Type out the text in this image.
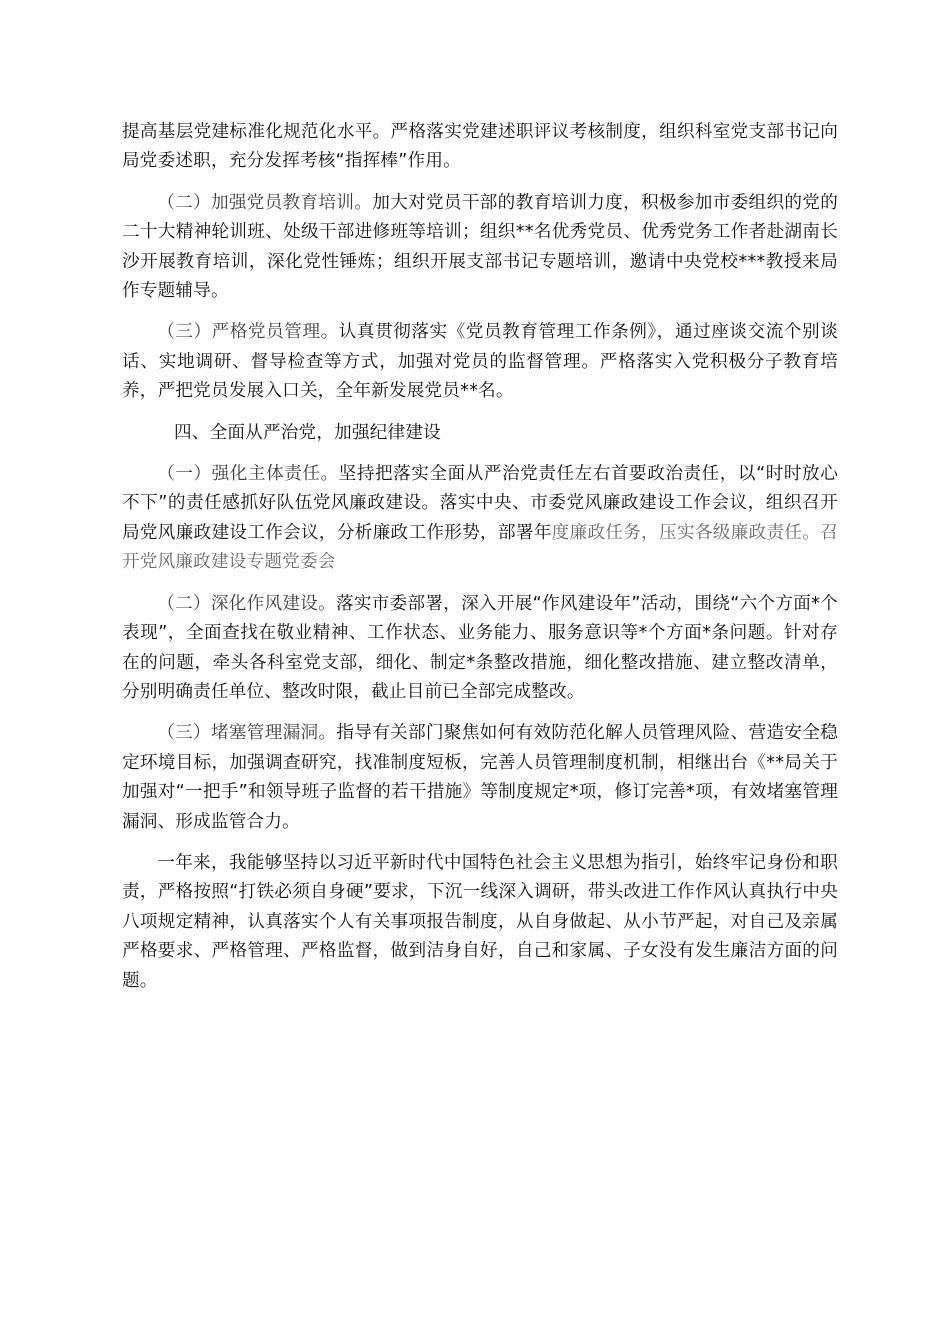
提高基层党建标准化规范化水平。严格落实党建述职评议考核制度，组织科室党支部书记向局党委述职，充分发挥考核“指挥棒”作用。

（二）加强党员教育培训。加大对党员干部的教育培训力度，积极参加市委组织的党的二十大精神轮训班、处级干部进修班等培训；组织**名优秀党员、优秀党务工作者赴湖南长沙开展教育培训，深化党性锤炼；组织开展支部书记专题培训，邀请中央党校***教授来局作专题辅导。

（三）严格党员管理。认真贯彻落实《党员教育管理工作条例》，通过座谈交流个别谈话、实地调研、督导检查等方式，加强对党员的监督管理。严格落实入党积极分子教育培养，严把党员发展入口关，全年新发展党员**名。

四、全面从严治党，加强纪律建设

（一）强化主体责任。坚持把落实全面从严治党责任左右首要政治责任，以“时时放心不下”的责任感抓好队伍党风廉政建设。落实中央、市委党风廉政建设工作会议，组织召开局党风廉政建设工作会议，分析廉政工作形势，部署年度廉政任务，压实各级廉政责任。召开党风廉政建设专题党委会

（二）深化作风建设。落实市委部署，深入开展“作风建设年”活动，围绕“六个方面*个表现”，全面查找在敬业精神、工作状态、业务能力、服务意识等*个方面*条问题。针对存在的问题，牵头各科室党支部，细化、制定*条整改措施，细化整改措施、建立整改清单，分别明确责任单位、整改时限，截止目前已全部完成整改。

（三）堵塞管理漏洞。指导有关部门聚焦如何有效防范化解人员管理风险、营造安全稳定环境目标，加强调查研究，找准制度短板，完善人员管理制度机制，相继出台《**局关于加强对“一把手”和领导班子监督的若干措施》等制度规定*项，修订完善*项，有效堵塞管理漏洞、形成监管合力。

一年来，我能够坚持以习近平新时代中国特色社会主义思想为指引，始终牢记身份和职责，严格按照“打铁必须自身硬”要求，下沉一线深入调研，带头改进工作作风认真执行中央八项规定精神，认真落实个人有关事项报告制度，从自身做起、从小节严起，对自己及亲属严格要求、严格管理、严格监督，做到洁身自好，自己和家属、子女没有发生廉洁方面的问题。
